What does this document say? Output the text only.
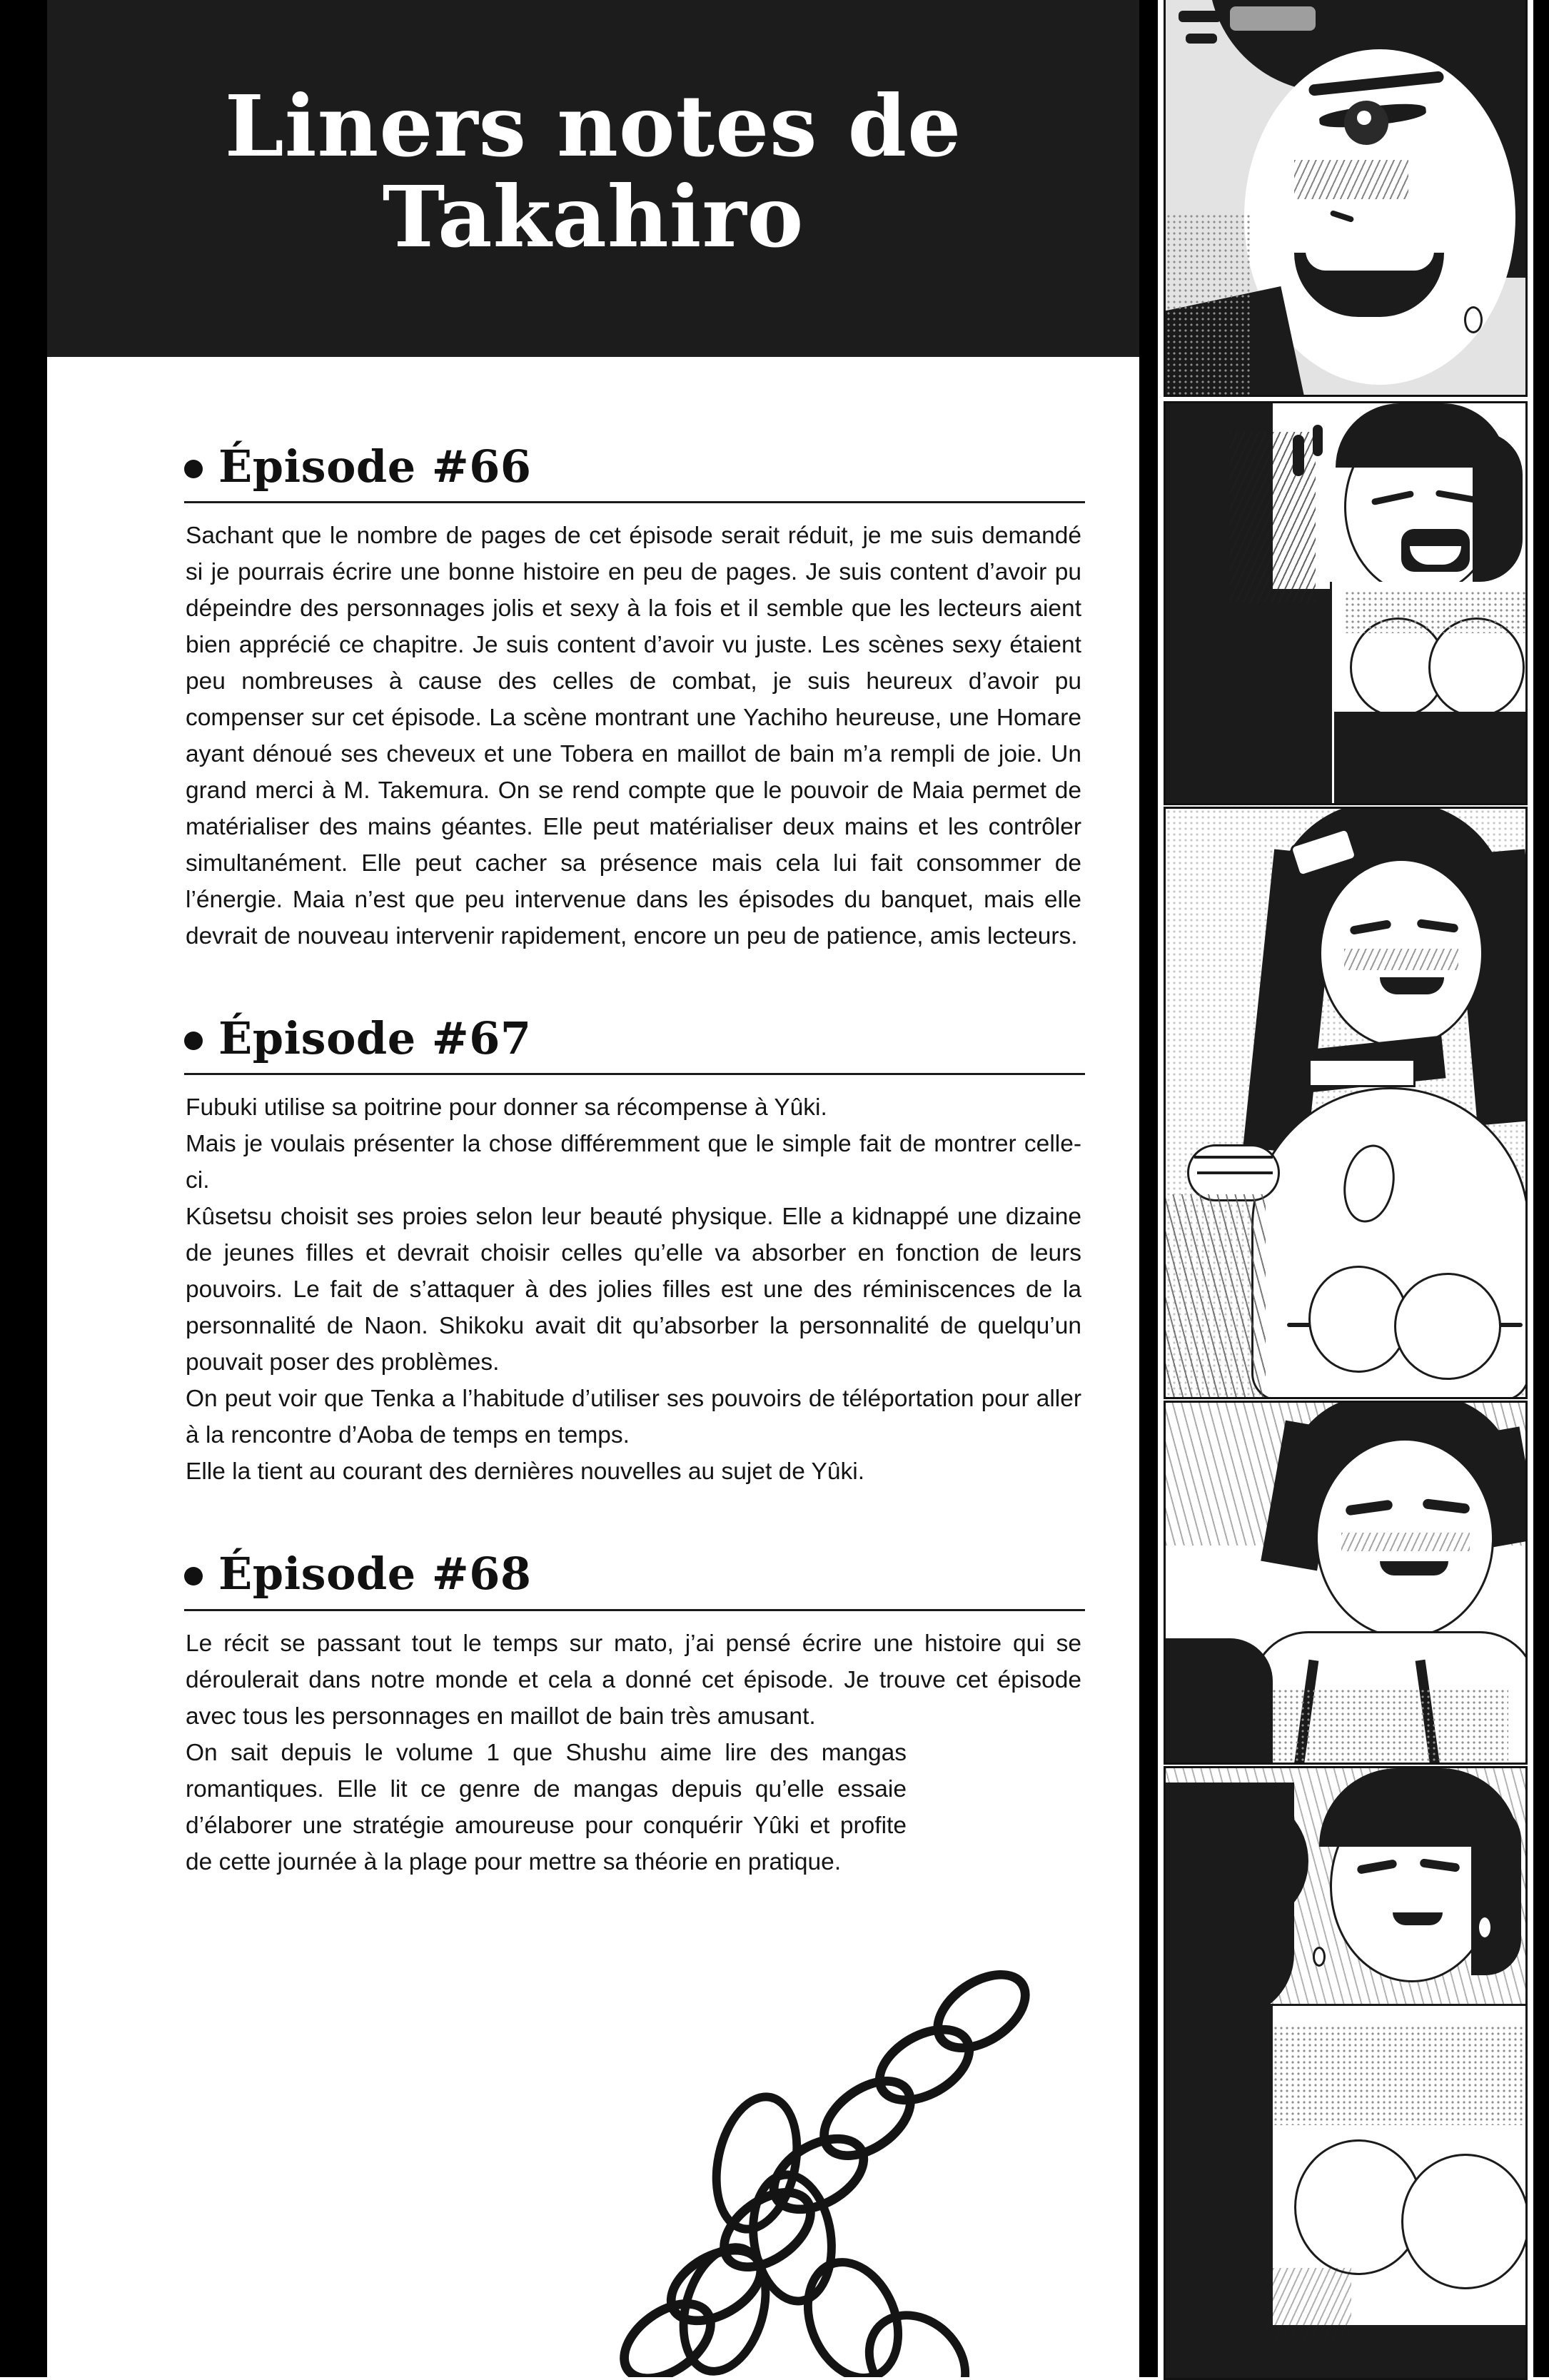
Liners notes de Takahiro
Épisode #66

Sachant que le nombre de pages de cet épisode serait réduit, je me suis demandé si je pourrais écrire une bonne histoire en peu de pages. Je suis content d’avoir pu dépeindre des personnages jolis et sexy à la fois et il semble que les lecteurs aient bien apprécié ce chapitre. Je suis content d’avoir vu juste. Les scènes sexy étaient peu nombreuses à cause des celles de combat, je suis heureux d’avoir pu compenser sur cet épisode. La scène montrant une Yachiho heureuse, une Homare ayant dénoué ses cheveux et une Tobera en maillot de bain m’a rempli de joie. Un grand merci à M. Takemura. On se rend compte que le pouvoir de Maia permet de matérialiser des mains géantes. Elle peut matérialiser deux mains et les contrôler simultanément. Elle peut cacher sa présence mais cela lui fait consommer de l’énergie. Maia n’est que peu intervenue dans les épisodes du banquet, mais elle devrait de nouveau intervenir rapidement, encore un peu de patience, amis lecteurs.

Épisode #67

Fubuki utilise sa poitrine pour donner sa récompense à Yûki.

Mais je voulais présenter la chose différemment que le simple fait de montrer celle-ci.

Kûsetsu choisit ses proies selon leur beauté physique. Elle a kidnappé une dizaine de jeunes filles et devrait choisir celles qu’elle va absorber en fonction de leurs pouvoirs. Le fait de s’attaquer à des jolies filles est une des réminiscences de la personnalité de Naon. Shikoku avait dit qu’absorber la personnalité de quelqu’un pouvait poser des problèmes.

On peut voir que Tenka a l’habitude d’utiliser ses pouvoirs de téléportation pour aller à la rencontre d’Aoba de temps en temps.

Elle la tient au courant des dernières nouvelles au sujet de Yûki.

Épisode #68

Le récit se passant tout le temps sur mato, j’ai pensé écrire une histoire qui se déroulerait dans notre monde et cela a donné cet épisode. Je trouve cet épisode avec tous les personnages en maillot de bain très amusant.

On sait depuis le volume 1 que Shushu aime lire des mangas romantiques. Elle lit ce genre de mangas depuis qu’elle essaie d’élaborer une stratégie amoureuse pour conquérir Yûki et profite de cette journée à la plage pour mettre sa théorie en pratique.
